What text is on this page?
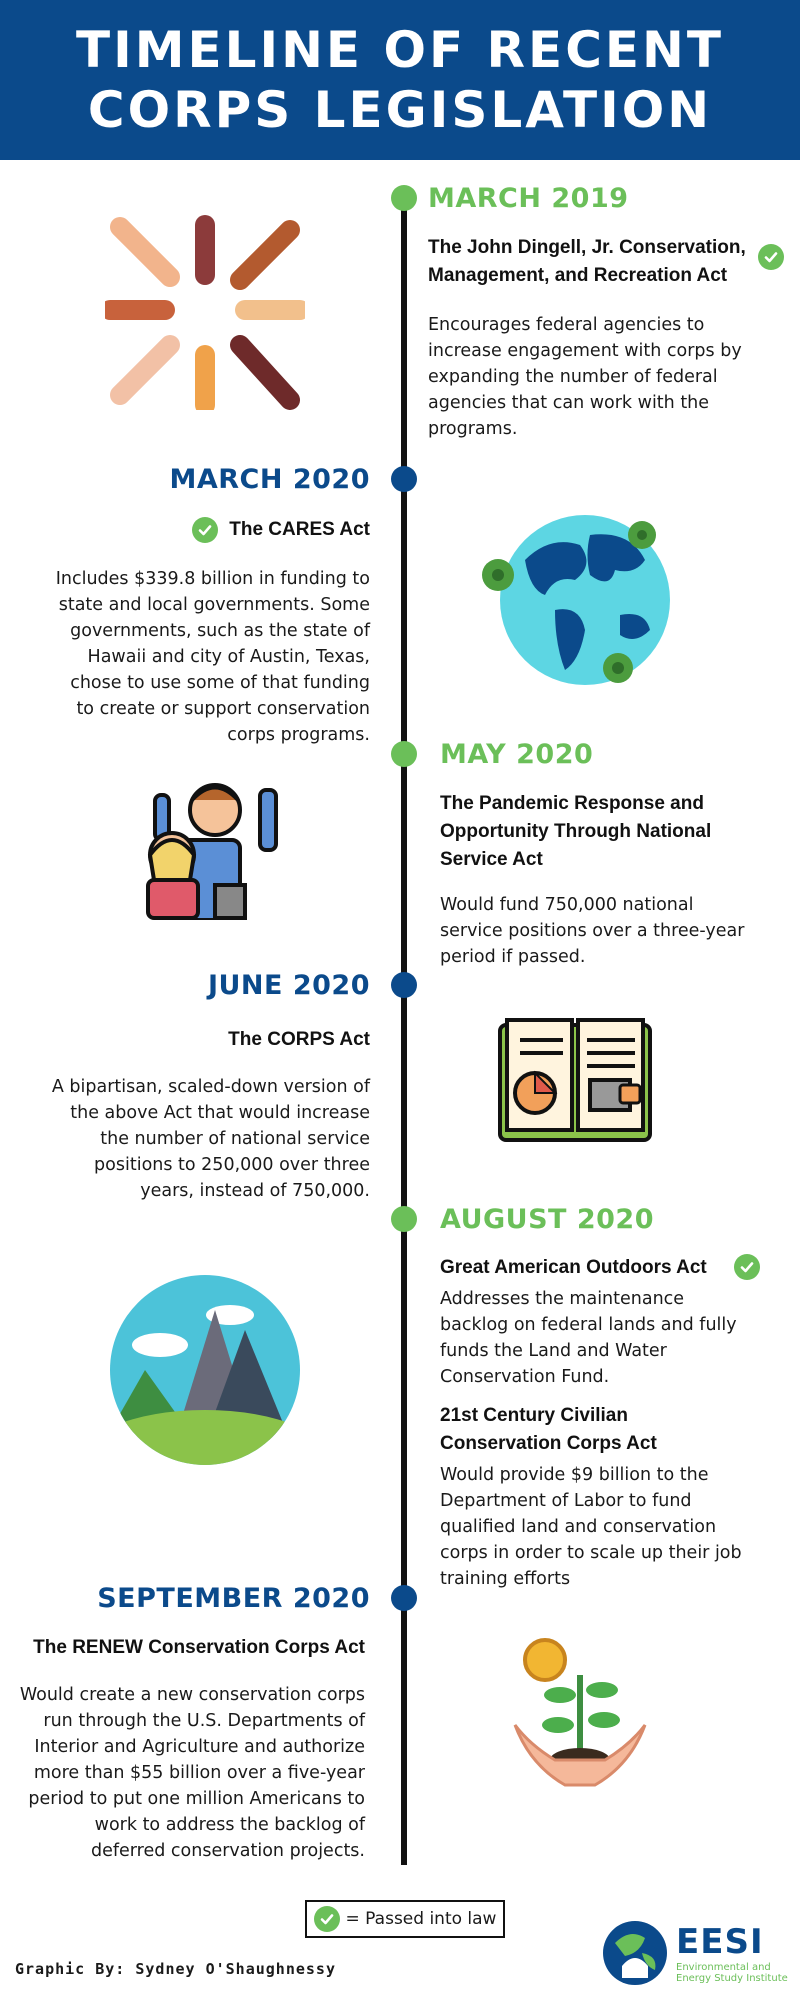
TIMELINE OF RECENT
CORPS LEGISLATION
MARCH 2019
The John Dingell, Jr. Conservation,
Management, and Recreation Act
Encourages federal agencies to
increase engagement with corps by
expanding the number of federal
agencies that can work with the
programs.
MARCH 2020
The CARES Act
Includes $339.8 billion in funding to
state and local governments. Some
governments, such as the state of
Hawaii and city of Austin, Texas,
chose to use some of that funding
to create or support conservation
corps programs.
MAY 2020
The Pandemic Response and
Opportunity Through National
Service Act
Would fund 750,000 national
service positions over a three-year
period if passed.
JUNE 2020
The CORPS Act
A bipartisan, scaled-down version of
the above Act that would increase
the number of national service
positions to 250,000 over three
years, instead of 750,000.
AUGUST 2020
Great American Outdoors Act
Addresses the maintenance
backlog on federal lands and fully
funds the Land and Water
Conservation Fund.
21st Century Civilian
Conservation Corps Act
Would provide $9 billion to the
Department of Labor to fund
qualified land and conservation
corps in order to scale up their job
training efforts
SEPTEMBER 2020
The RENEW Conservation Corps Act
Would create a new conservation corps
run through the U.S. Departments of
Interior and Agriculture and authorize
more than $55 billion over a five-year
period to put one million Americans to
work to address the backlog of
deferred conservation projects.
= Passed into law
Graphic By: Sydney O'Shaughnessy
EESI
Environmental and
Energy Study Institute
